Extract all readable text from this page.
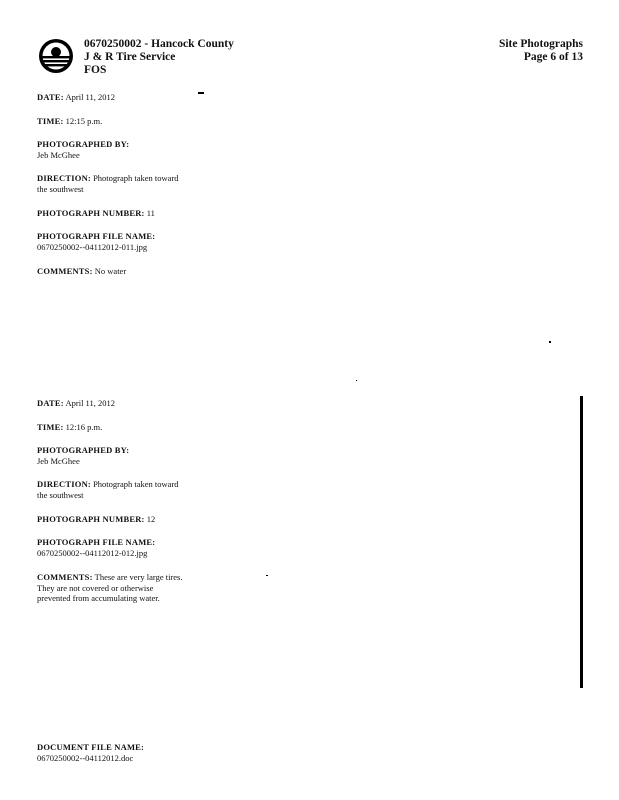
0670250002 - Hancock County
J & R Tire Service
FOS
Site Photographs
Page 6 of 13
DATE: April 11, 2012
TIME: 12:15 p.m.
PHOTOGRAPHED BY:
Jeb McGhee
DIRECTION: Photograph taken toward the southwest
PHOTOGRAPH NUMBER: 11
PHOTOGRAPH FILE NAME:
0670250002--04112012-011.jpg
COMMENTS: No water
DATE: April 11, 2012
TIME: 12:16 p.m.
PHOTOGRAPHED BY:
Jeb McGhee
DIRECTION: Photograph taken toward the southwest
PHOTOGRAPH NUMBER: 12
PHOTOGRAPH FILE NAME:
0670250002--04112012-012.jpg
COMMENTS: These are very large tires. They are not covered or otherwise prevented from accumulating water.
DOCUMENT FILE NAME:
0670250002--04112012.doc
